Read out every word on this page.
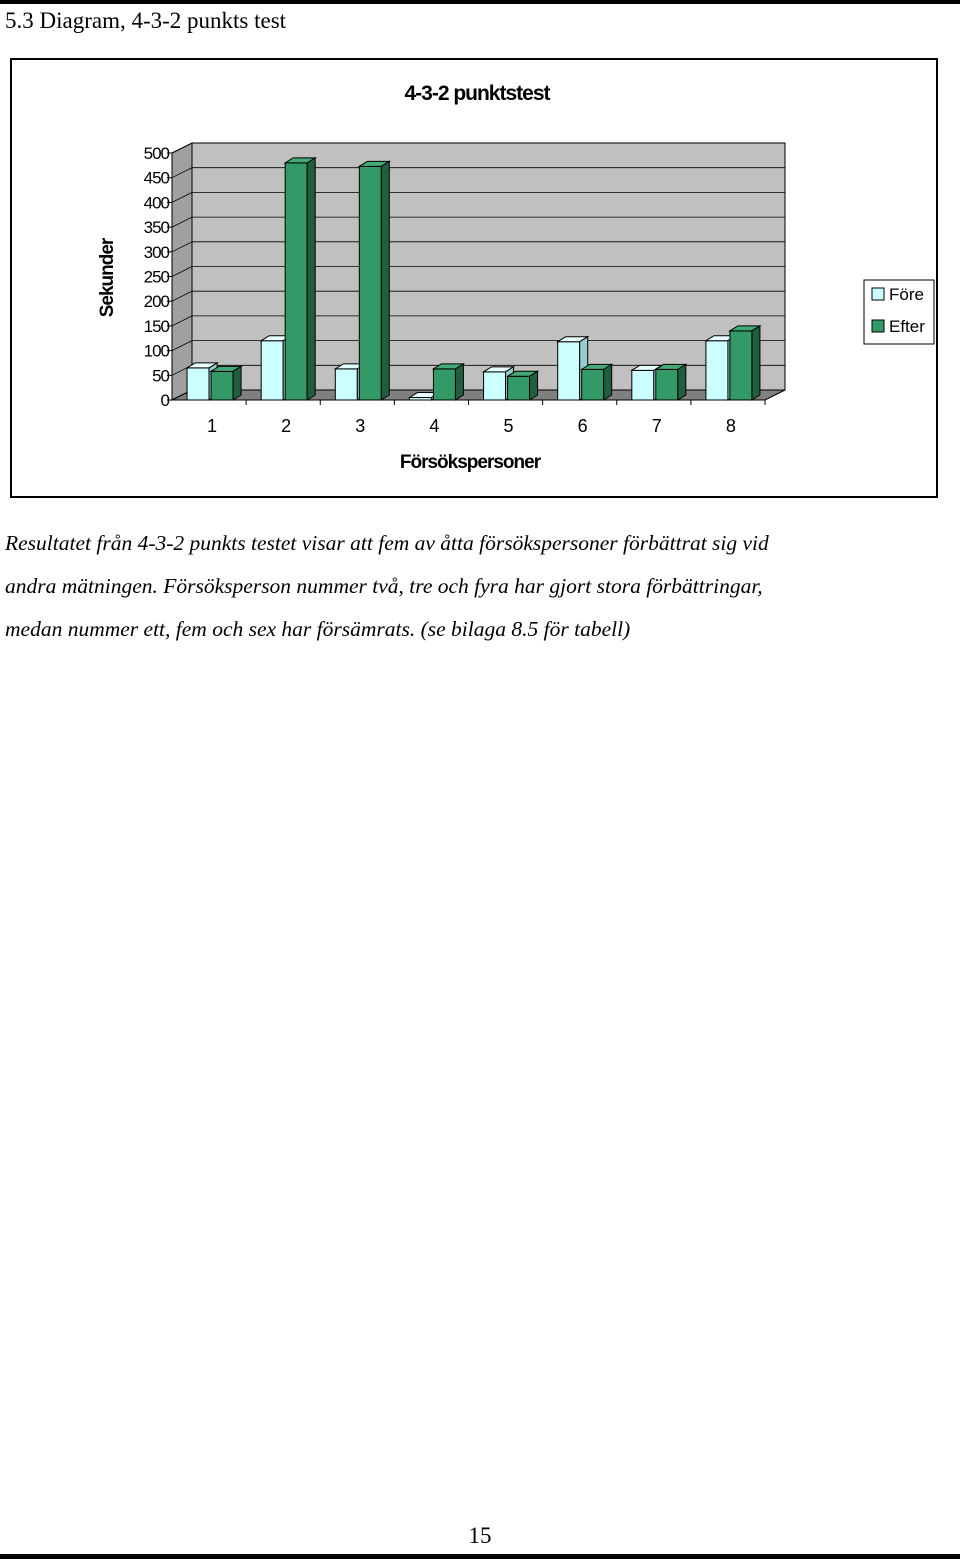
5.3 Diagram, 4-3-2 punkts test
4-3-2 punktstest
0
50
100
150
200
250
300
350
400
450
500
1	2	3	4	5	6	7	8
Sekunder
Försökspersoner
Före
Efter
Resultatet från 4-3-2 punkts testet visar att fem av åtta försökspersoner förbättrat sig vid
andra mätningen. Försöksperson nummer två, tre och fyra har gjort stora förbättringar,
medan nummer ett, fem och sex har försämrats. (se bilaga 8.5 för tabell)
15
